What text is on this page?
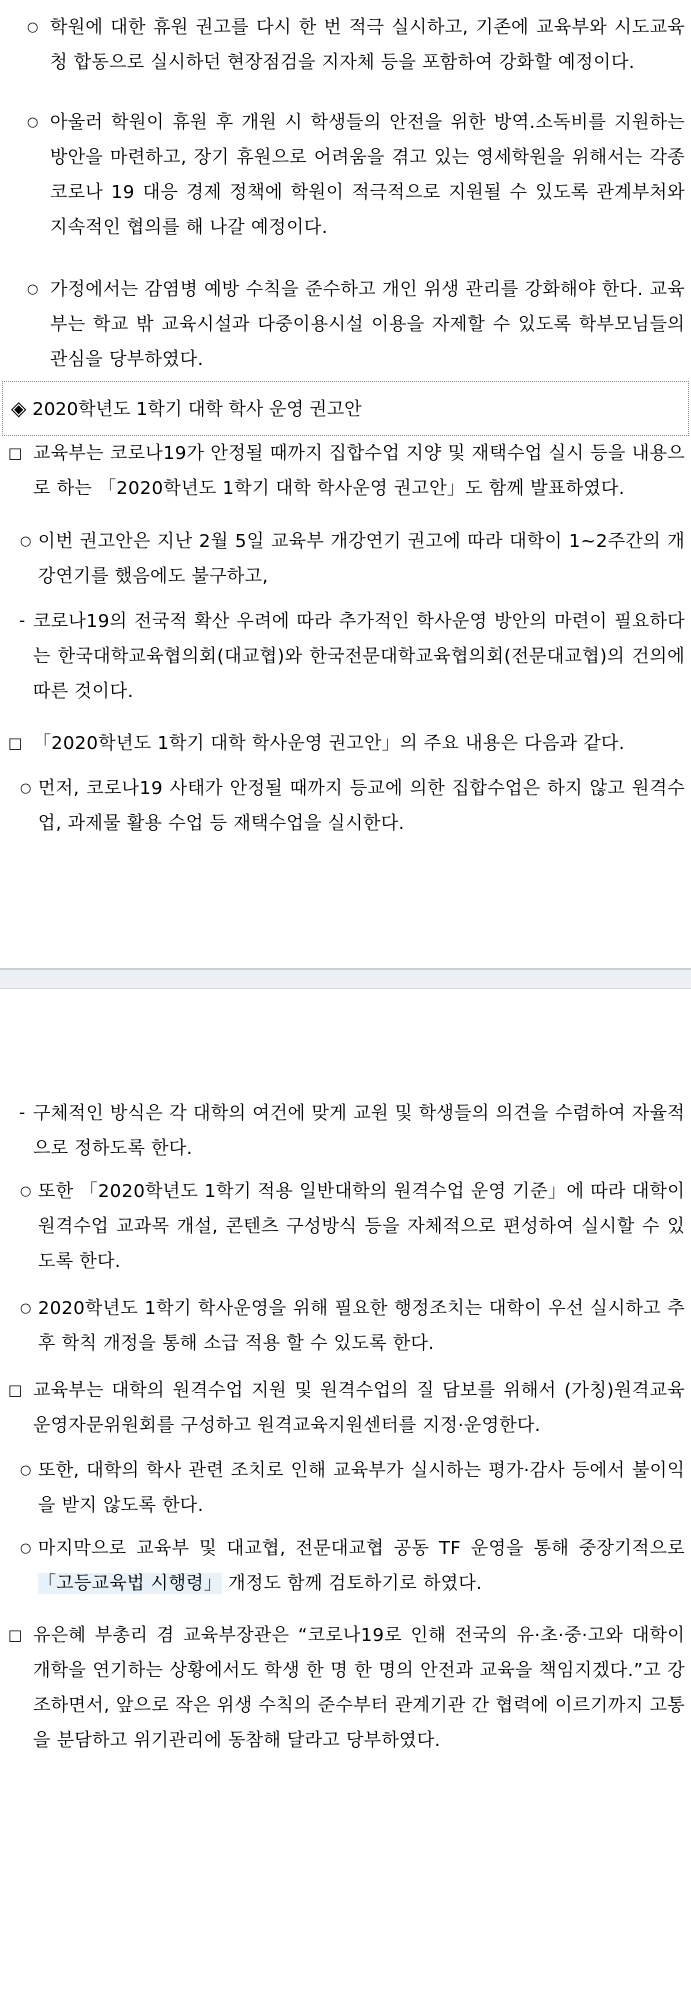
○ 학원에 대한 휴원 권고를 다시 한 번 적극 실시하고, 기존에 교육부와 시도교육청 합동으로 실시하던 현장점검을 지자체 등을 포함하여 강화할 예정이다.
○ 아울러 학원이 휴원 후 개원 시 학생들의 안전을 위한 방역.소독비를 지원하는 방안을 마련하고, 장기 휴원으로 어려움을 겪고 있는 영세학원을 위해서는 각종 코로나 19 대응 경제 정책에 학원이 적극적으로 지원될 수 있도록 관계부처와 지속적인 협의를 해 나갈 예정이다.
○ 가정에서는 감염병 예방 수칙을 준수하고 개인 위생 관리를 강화해야 한다. 교육부는 학교 밖 교육시설과 다중이용시설 이용을 자제할 수 있도록 학부모님들의 관심을 당부하였다.
◈ 2020학년도 1학기 대학 학사 운영 권고안
□ 교육부는 코로나19가 안정될 때까지 집합수업 지양 및 재택수업 실시 등을 내용으로 하는 「2020학년도 1학기 대학 학사운영 권고안」도 함께 발표하였다.
○ 이번 권고안은 지난 2월 5일 교육부 개강연기 권고에 따라 대학이 1~2주간의 개강연기를 했음에도 불구하고,
- 코로나19의 전국적 확산 우려에 따라 추가적인 학사운영 방안의 마련이 필요하다는 한국대학교육협의회(대교협)와 한국전문대학교육협의회(전문대교협)의 건의에 따른 것이다.
□ 「2020학년도 1학기 대학 학사운영 권고안」의 주요 내용은 다음과 같다.
○ 먼저, 코로나19 사태가 안정될 때까지 등교에 의한 집합수업은 하지 않고 원격수업, 과제물 활용 수업 등 재택수업을 실시한다.
- 구체적인 방식은 각 대학의 여건에 맞게 교원 및 학생들의 의견을 수렴하여 자율적으로 정하도록 한다.
○ 또한 「2020학년도 1학기 적용 일반대학의 원격수업 운영 기준」에 따라 대학이 원격수업 교과목 개설, 콘텐츠 구성방식 등을 자체적으로 편성하여 실시할 수 있도록 한다.
○ 2020학년도 1학기 학사운영을 위해 필요한 행정조치는 대학이 우선 실시하고 추후 학칙 개정을 통해 소급 적용 할 수 있도록 한다.
□ 교육부는 대학의 원격수업 지원 및 원격수업의 질 담보를 위해서 (가칭)원격교육운영자문위원회를 구성하고 원격교육지원센터를 지정·운영한다.
○ 또한, 대학의 학사 관련 조치로 인해 교육부가 실시하는 평가·감사 등에서 불이익을 받지 않도록 한다.
○ 마지막으로 교육부 및 대교협, 전문대교협 공동 TF 운영을 통해 중장기적으로 「고등교육법 시행령」 개정도 함께 검토하기로 하였다.
□ 유은혜 부총리 겸 교육부장관은 “코로나19로 인해 전국의 유·초·중·고와 대학이 개학을 연기하는 상황에서도 학생 한 명 한 명의 안전과 교육을 책임지겠다.”고 강조하면서, 앞으로 작은 위생 수칙의 준수부터 관계기관 간 협력에 이르기까지 고통을 분담하고 위기관리에 동참해 달라고 당부하였다.
